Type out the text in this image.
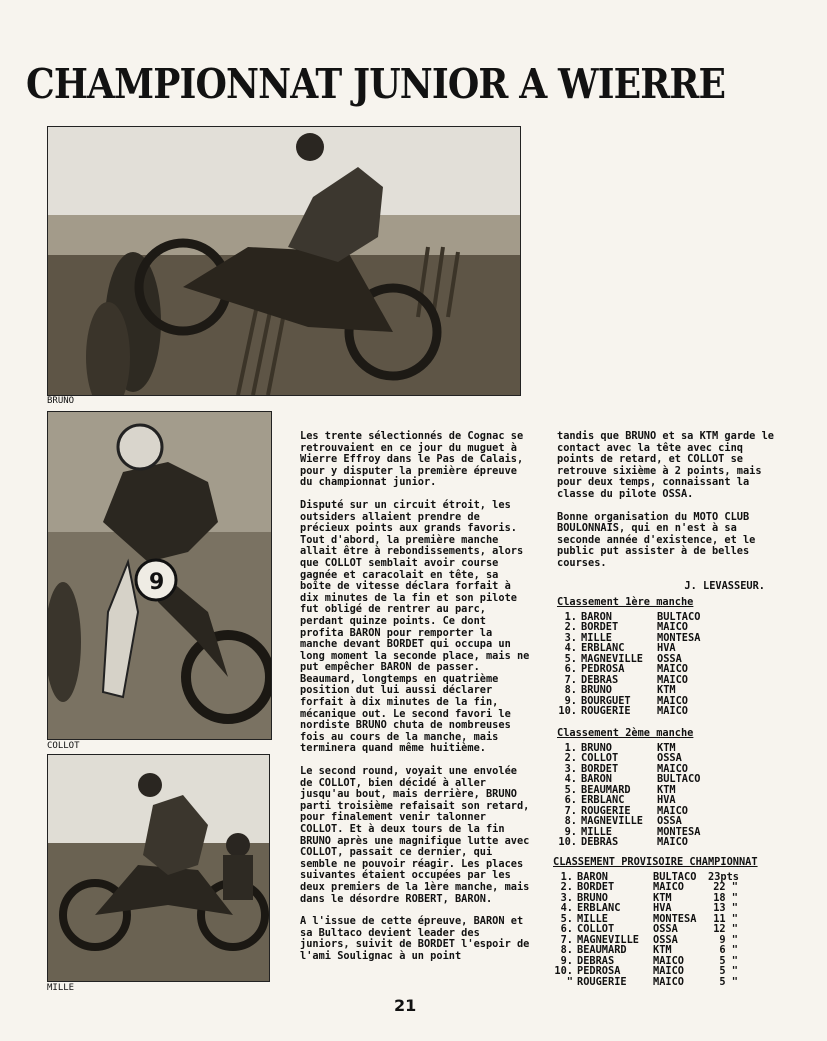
CHAMPIONNAT JUNIOR A WIERRE
BRUNO
9
COLLOT
MILLE

Les trente sélectionnés de Cognac se retrouvaient en ce jour du muguet à Wierre Effroy dans le Pas de Calais, pour y disputer la première épreuve du championnat junior.

Disputé sur un circuit étroit, les outsiders allaient prendre de précieux points aux grands favoris. Tout d'abord, la première manche allait être à rebondissements, alors que COLLOT semblait avoir course gagnée et caracolait en tête, sa boîte de vitesse déclara forfait à dix minutes de la fin et son pilote fut obligé de rentrer au parc, perdant quinze points. Ce dont profita BARON pour remporter la manche devant BORDET qui occupa un long moment la seconde place, mais ne put empêcher BARON de passer. Beaumard, longtemps en quatrième position dut lui aussi déclarer forfait à dix minutes de la fin, mécanique out. Le second favori le nordiste BRUNO chuta de nombreuses fois au cours de la manche, mais terminera quand même huitième.

Le second round, voyait une envolée de COLLOT, bien décidé à aller jusqu'au bout, mais derrière, BRUNO parti troisième refaisait son retard, pour finalement venir talonner COLLOT. Et à deux tours de la fin BRUNO après une magnifique lutte avec COLLOT, passait ce dernier, qui semble ne pouvoir réagir. Les places suivantes étaient occupées par les deux premiers de la 1ère manche, mais dans le désordre ROBERT, BARON.

A l'issue de cette épreuve, BARON et sa Bultaco devient leader des juniors, suivit de BORDET l'espoir de l'ami Soulignac à un point

tandis que BRUNO et sa KTM garde le contact avec la tête avec cinq points de retard, et COLLOT se retrouve sixième à 2 points, mais pour deux temps, connaissant la classe du pilote OSSA.

Bonne organisation du MOTO CLUB BOULONNAIS, qui en n'est à sa seconde année d'existence, et le public put assister à de belles courses.

J. LEVASSEUR.

Classement 1ère manche
1. BARON	BULTACO
2. BORDET	MAICO
3. MILLE	MONTESA
4. ERBLANC	HVA
5. MAGNEVILLE OSSA
6. PEDROSA	MAICO
7. DEBRAS	MAICO
8. BRUNO	KTM
9. BOURGUET	MAICO
10. ROUGERIE	MAICO
Classement 2ème manche
1. BRUNO	KTM
2. COLLOT	OSSA
3. BORDET	MAICO
4. BARON	BULTACO
5. BEAUMARD	KTM
6. ERBLANC	HVA
7. ROUGERIE	MAICO
8. MAGNEVILLE OSSA
9. MILLE	MONTESA
10. DEBRAS	MAICO
CLASSEMENT PROVISOIRE CHAMPIONNAT
1. BARON	BULTACO 23pts
2. BORDET	MAICO	22 "
3. BRUNO	KTM	18 "
4. ERBLANC	HVA	13 "
5. MILLE	MONTESA	11 "
6. COLLOT	OSSA	12 "
7. MAGNEVILLE OSSA	9 "
8. BEAUMARD	KTM	6 "
9. DEBRAS	MAICO	5 "
10. PEDROSA	MAICO	5 "
" ROUGERIE	MAICO	5 "
21
